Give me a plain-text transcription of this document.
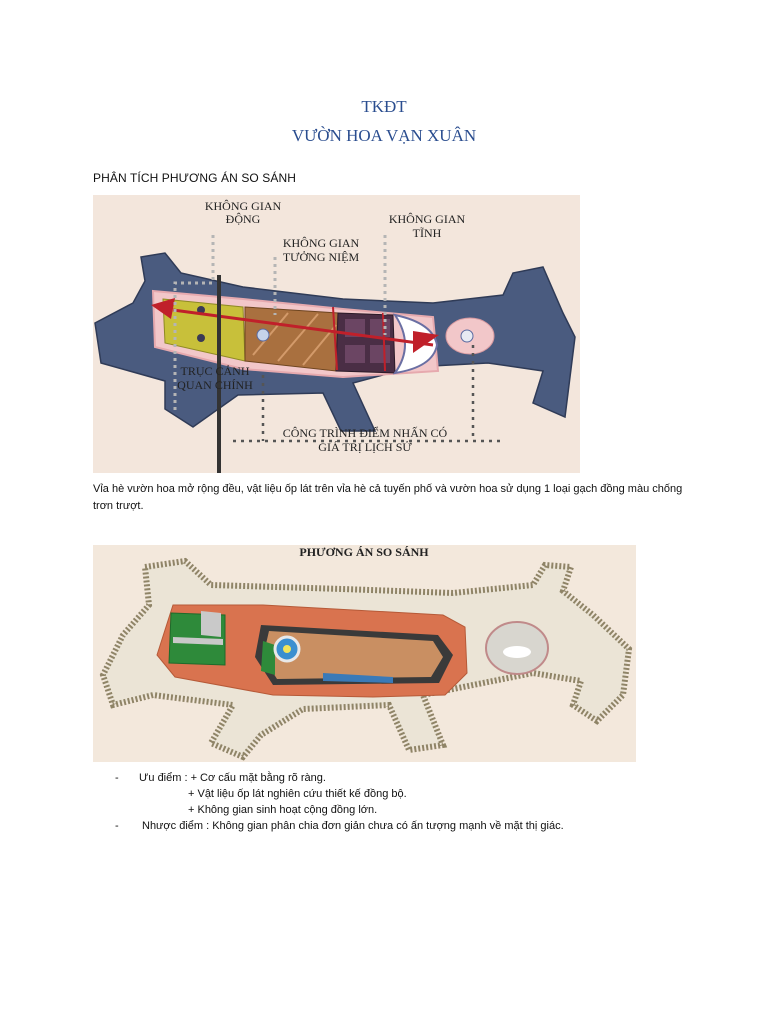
TKĐT
VƯỜN HOA VẠN XUÂN
PHÂN TÍCH PHƯƠNG ÁN SO SÁNH
KHÔNG GIAN
ĐỘNG	KHÔNG GIAN
TĨNH
KHÔNG GIAN
TƯỞNG NIỆM
TRỤC CẢNH
QUAN CHÍNH
CÔNG TRÌNH ĐIỂM NHẤN CÓ
GIÁ TRỊ LỊCH SỬ
Vỉa hè vườn hoa mở rộng đều, vật liệu ốp lát trên vỉa hè cả tuyến phố và vườn hoa sử dụng 1 loại gạch đồng màu chống trơn trượt.
PHƯƠNG ÁN SO SÁNH
- Ưu điểm : + Cơ cấu mặt bằng rõ ràng.
+ Vật liệu ốp lát nghiên cứu thiết kế đồng bộ.
+ Không gian sinh hoạt cộng đồng lớn.
- Nhược điểm : Không gian phân chia đơn giản chưa có ấn tượng mạnh về mặt thị giác.
